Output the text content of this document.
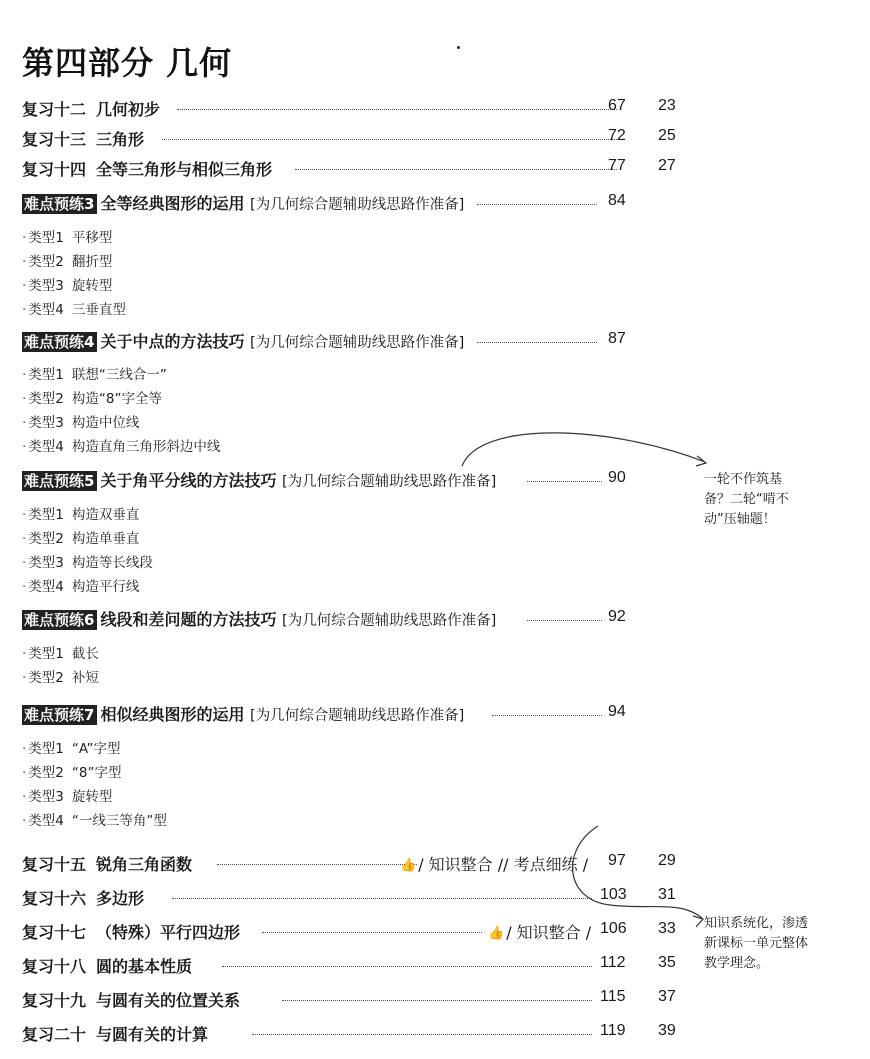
第四部分 几何
复习十二 几何初步	67 23
复习十三 三角形	72 25
复习十四 全等三角形与相似三角形	77 27
难点预练3 全等经典图形的运用 [为几何综合题辅助线思路作准备]	84
· 类型1 平移型
· 类型2 翻折型
· 类型3 旋转型
· 类型4 三垂直型
难点预练4 关于中点的方法技巧 [为几何综合题辅助线思路作准备]	87
· 类型1 联想“三线合一”
· 类型2 构造“8”字全等
· 类型3 构造中位线
· 类型4 构造直角三角形斜边中线
难点预练5 关于角平分线的方法技巧 [为几何综合题辅助线思路作准备]	90
· 类型1 构造双垂直
· 类型2 构造单垂直
· 类型3 构造等长线段
· 类型4 构造平行线
难点预练6 线段和差问题的方法技巧 [为几何综合题辅助线思路作准备]	92
· 类型1 截长
· 类型2 补短
难点预练7 相似经典图形的运用 [为几何综合题辅助线思路作准备]	94
· 类型1 “A”字型
· 类型2 “8”字型
· 类型3 旋转型
· 类型4 “一线三等角”型
复习十五 锐角三角函数	👍 / 知识整合 // 考点细练 / 97 29
复习十六 多边形	103 31
复习十七 （特殊）平行四边形	👍 / 知识整合 / 106 33
复习十八 圆的基本性质	112 35
复习十九 与圆有关的位置关系	115 37
复习二十 与圆有关的计算	119 39
一轮不作筑基
备？二轮“啃不
动”压轴题！
知识系统化，渗透
新课标一单元整体
教学理念。
